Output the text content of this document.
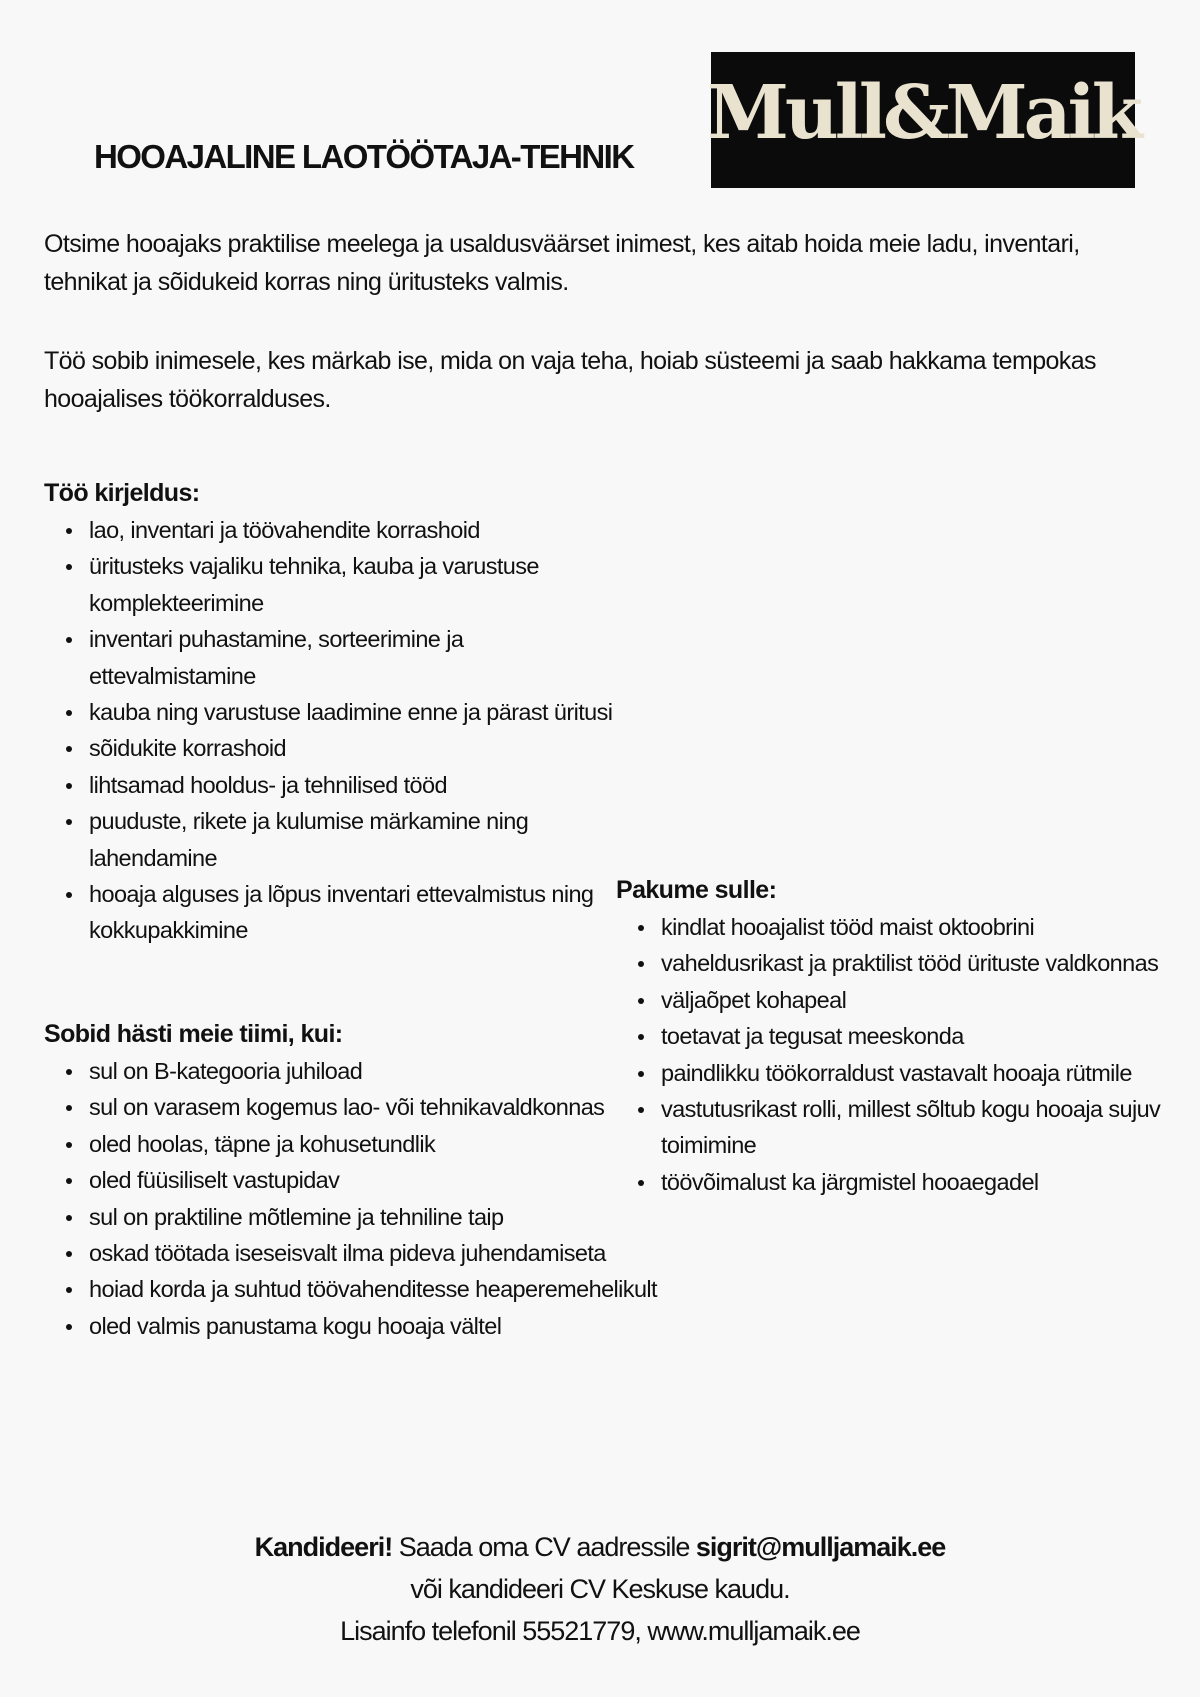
Mull&Maik
HOOAJALINE LAOTÖÖTAJA-TEHNIK

Otsime hooajaks praktilise meelega ja usaldusväärset inimest, kes aitab hoida meie ladu, inventari, tehnikat ja sõidukeid korras ning üritusteks valmis.

Töö sobib inimesele, kes märkab ise, mida on vaja teha, hoiab süsteemi ja saab hakkama tempokas hooajalises töökorralduses.

Töö kirjeldus:
lao, inventari ja töövahendite korrashoid
üritusteks vajaliku tehnika, kauba ja varustuse komplekteerimine
inventari puhastamine, sorteerimine ja ettevalmistamine
kauba ning varustuse laadimine enne ja pärast üritusi
sõidukite korrashoid
lihtsamad hooldus- ja tehnilised tööd
puuduste, rikete ja kulumise märkamine ning lahendamine
hooaja alguses ja lõpus inventari ettevalmistus ning kokkupakkimine
Pakume sulle:
kindlat hooajalist tööd maist oktoobrini
vaheldusrikast ja praktilist tööd ürituste valdkonnas
väljaõpet kohapeal
toetavat ja tegusat meeskonda
paindlikku töökorraldust vastavalt hooaja rütmile
vastutusrikast rolli, millest sõltub kogu hooaja sujuv toimimine
töövõimalust ka järgmistel hooaegadel
Sobid hästi meie tiimi, kui:
sul on B-kategooria juhiload
sul on varasem kogemus lao- või tehnikavaldkonnas
oled hoolas, täpne ja kohusetundlik
oled füüsiliselt vastupidav
sul on praktiline mõtlemine ja tehniline taip
oskad töötada iseseisvalt ilma pideva juhendamiseta
hoiad korda ja suhtud töövahenditesse heaperemehelikult
oled valmis panustama kogu hooaja vältel

Kandideeri! Saada oma CV aadressile sigrit@mulljamaik.ee

või kandideeri CV Keskuse kaudu.

Lisainfo telefonil 55521779, www.mulljamaik.ee
